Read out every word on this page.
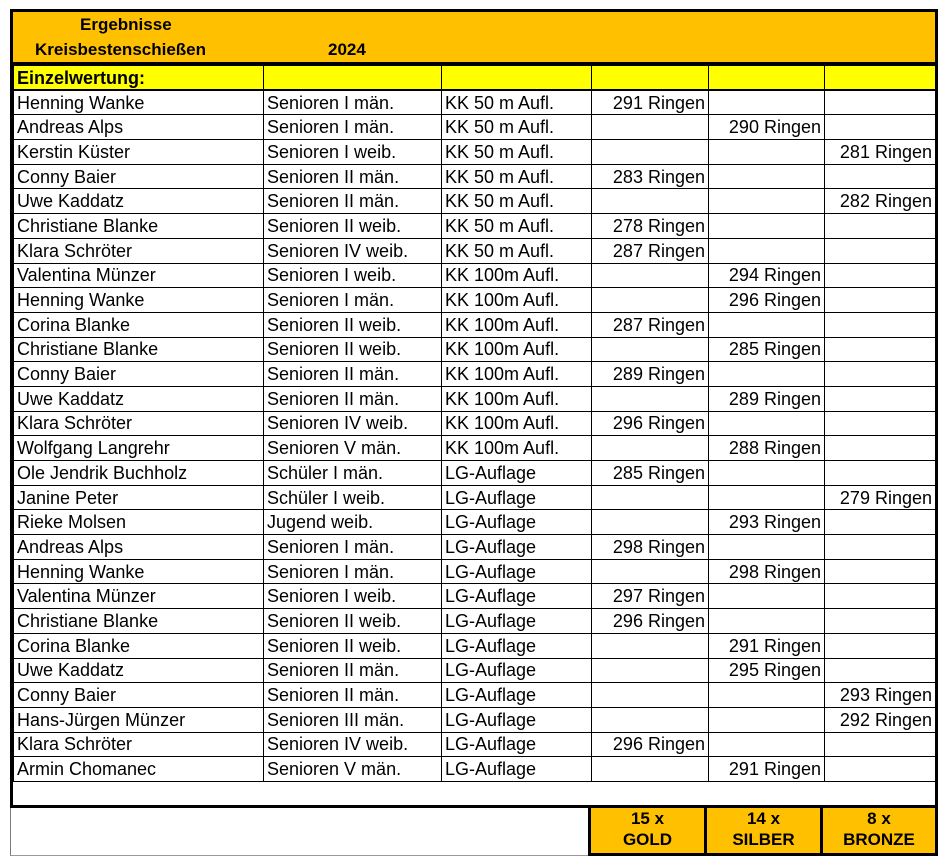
Ergebnisse
Kreisbestenschießen	2024
Einzelwertung:					
Henning Wanke	Senioren I män.	KK 50 m Aufl.	291 Ringen		
Andreas Alps	Senioren I män.	KK 50 m Aufl.		290 Ringen	
Kerstin Küster	Senioren I weib.	KK 50 m Aufl.			281 Ringen
Conny Baier	Senioren II män.	KK 50 m Aufl.	283 Ringen		
Uwe Kaddatz	Senioren II män.	KK 50 m Aufl.			282 Ringen
Christiane Blanke	Senioren II weib.	KK 50 m Aufl.	278 Ringen		
Klara Schröter	Senioren IV weib.	KK 50 m Aufl.	287 Ringen		
Valentina Münzer	Senioren I weib.	KK 100m Aufl.		294 Ringen	
Henning Wanke	Senioren I män.	KK 100m Aufl.		296 Ringen	
Corina Blanke	Senioren II weib.	KK 100m Aufl.	287 Ringen		
Christiane Blanke	Senioren II weib.	KK 100m Aufl.		285 Ringen	
Conny Baier	Senioren II män.	KK 100m Aufl.	289 Ringen		
Uwe Kaddatz	Senioren II män.	KK 100m Aufl.		289 Ringen	
Klara Schröter	Senioren IV weib.	KK 100m Aufl.	296 Ringen		
Wolfgang Langrehr	Senioren V män.	KK 100m Aufl.		288 Ringen	
Ole Jendrik Buchholz	Schüler I män.	LG-Auflage	285 Ringen		
Janine Peter	Schüler I weib.	LG-Auflage			279 Ringen
Rieke Molsen	Jugend weib.	LG-Auflage		293 Ringen	
Andreas Alps	Senioren I män.	LG-Auflage	298 Ringen		
Henning Wanke	Senioren I män.	LG-Auflage		298 Ringen	
Valentina Münzer	Senioren I weib.	LG-Auflage	297 Ringen		
Christiane Blanke	Senioren II weib.	LG-Auflage	296 Ringen		
Corina Blanke	Senioren II weib.	LG-Auflage		291 Ringen	
Uwe Kaddatz	Senioren II män.	LG-Auflage		295 Ringen	
Conny Baier	Senioren II män.	LG-Auflage			293 Ringen
Hans-Jürgen Münzer	Senioren III män.	LG-Auflage			292 Ringen
Klara Schröter	Senioren IV weib.	LG-Auflage	296 Ringen		
Armin Chomanec	Senioren V män.	LG-Auflage		291 Ringen	
15 x
GOLD
14 x
SILBER
8 x
BRONZE
